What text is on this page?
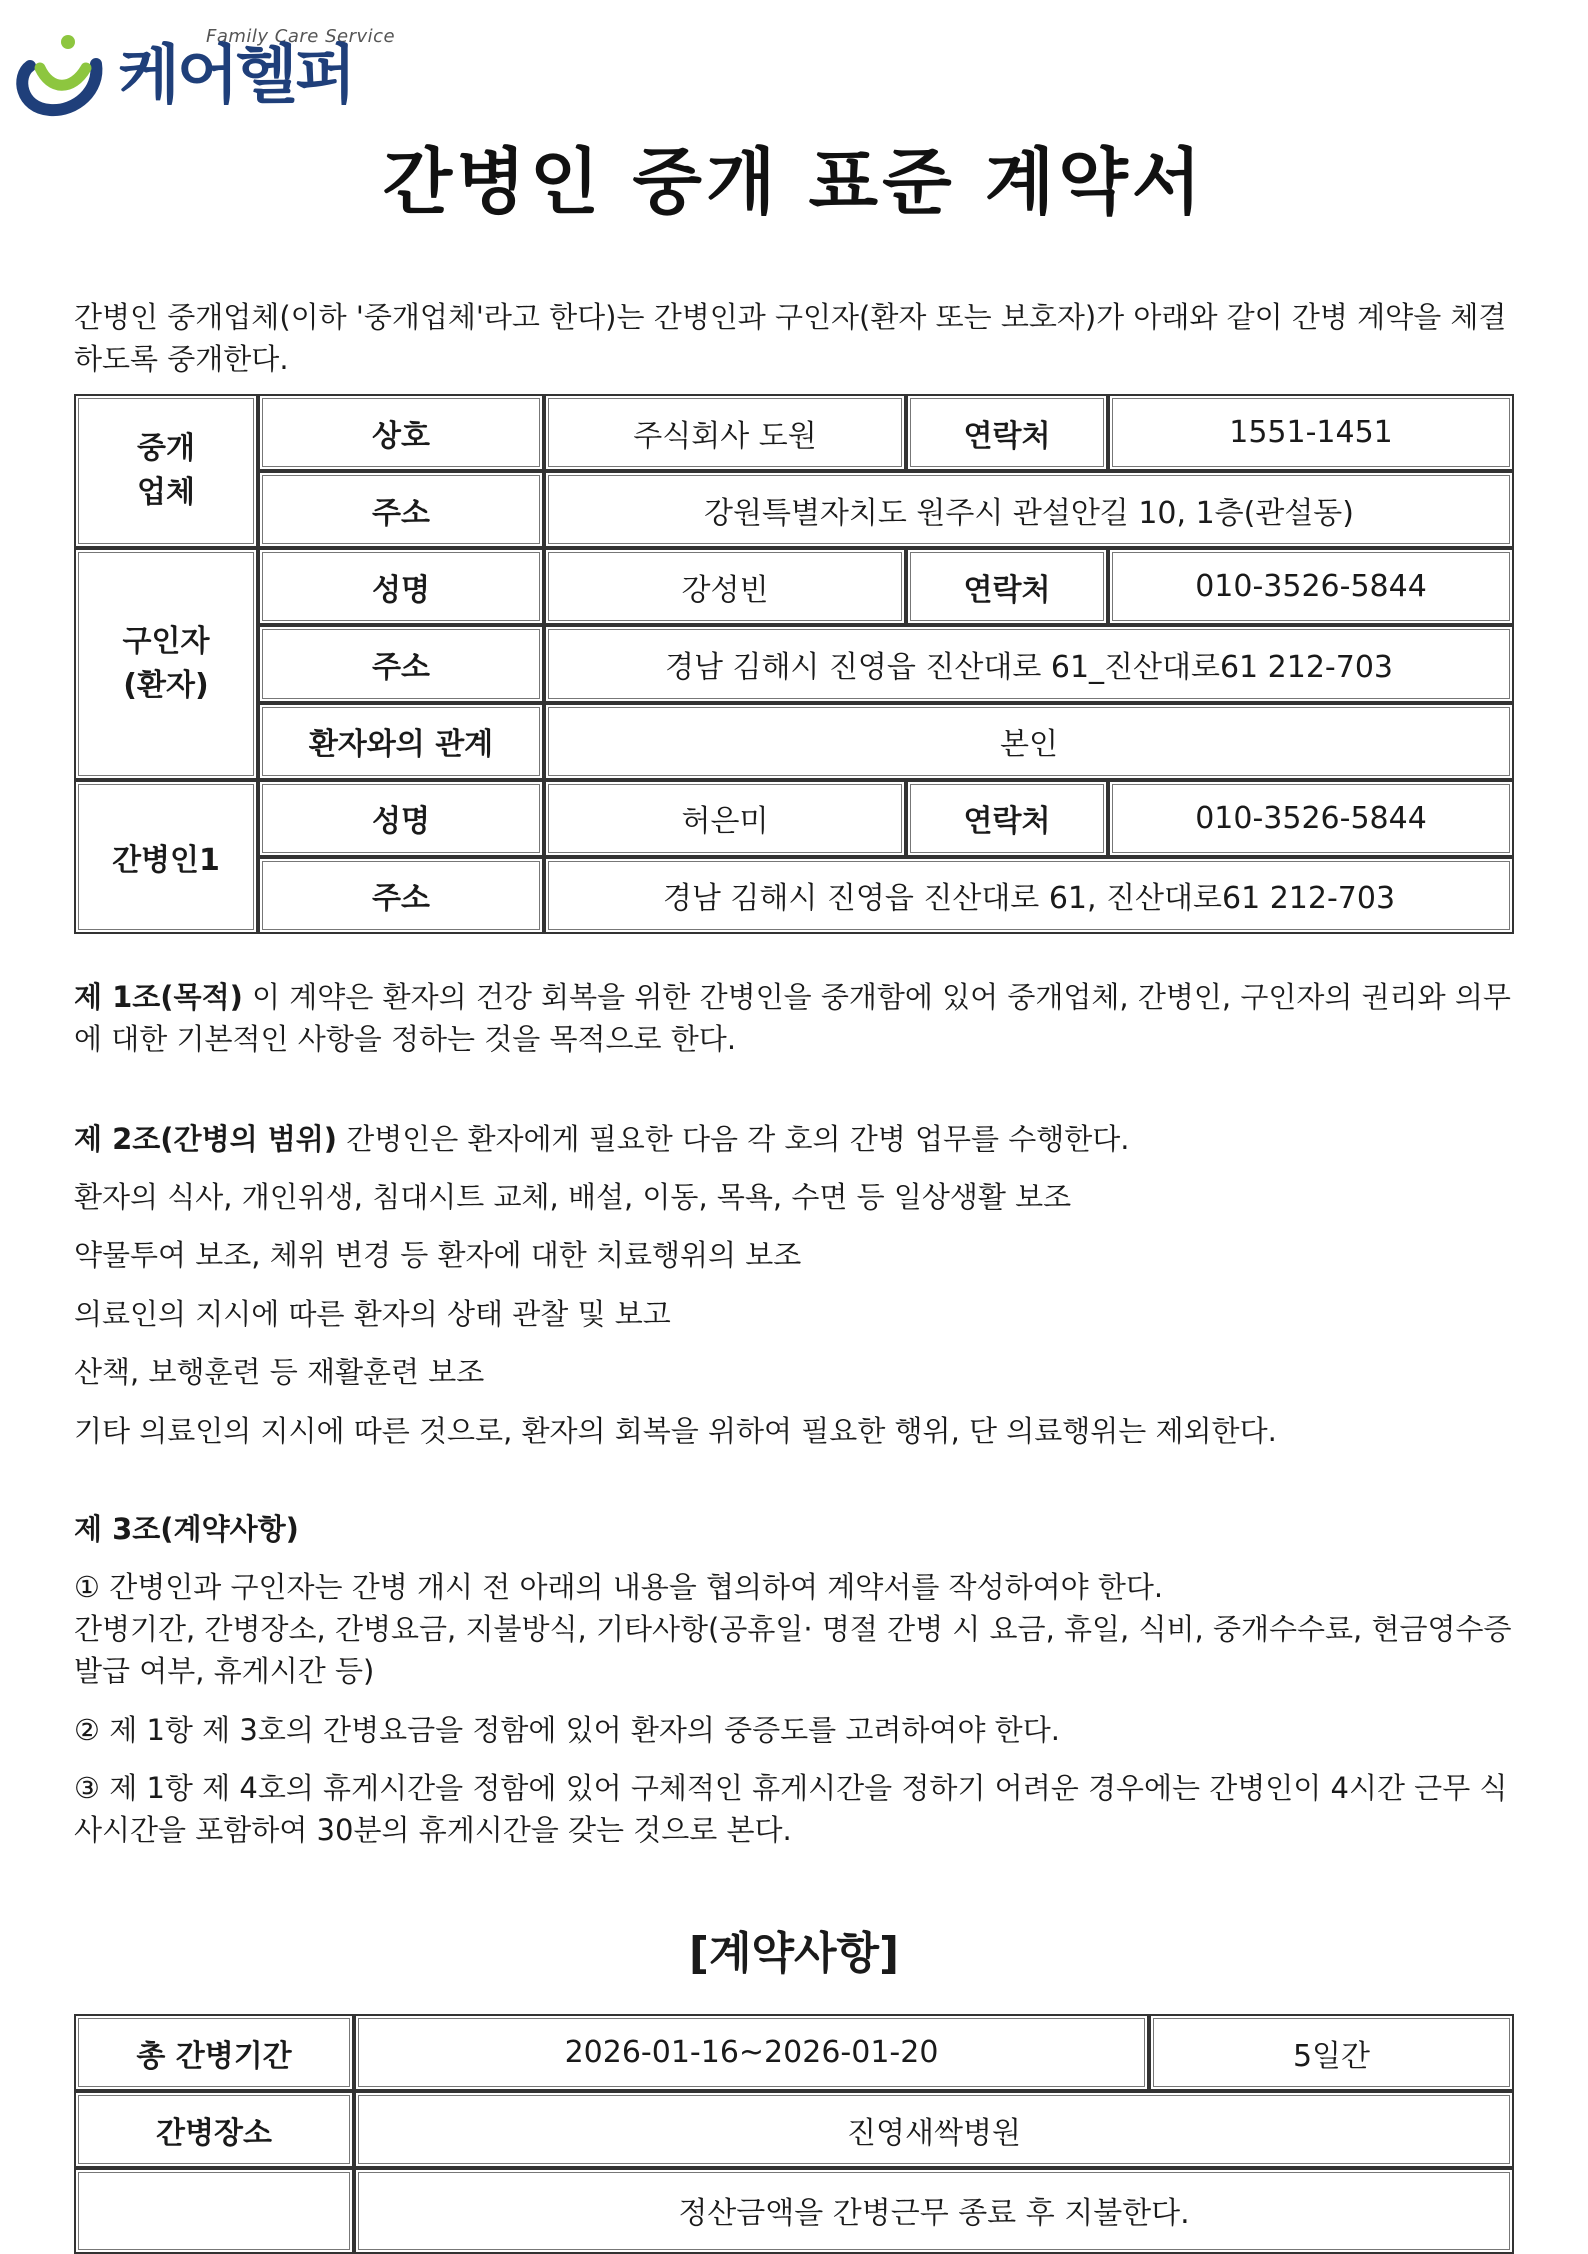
Family Care Service
케어헬퍼
간병인 중개 표준 계약서

간병인 중개업체(이하 '중개업체'라고 한다)는 간병인과 구인자(환자 또는 보호자)가 아래와 같이 간병 계약을 체결하도록 중개한다.

중개
업체	상호	주식회사 도원	연락처	1551-1451
	주소	강원특별자치도 원주시 관설안길 10, 1층(관설동)		
구인자
(환자)	성명	강성빈	연락처	010-3526-5844
	주소	경남 김해시 진영읍 진산대로 61_진산대로61 212-703		
	환자와의 관계	본인		
간병인1	성명	허은미	연락처	010-3526-5844
	주소	경남 김해시 진영읍 진산대로 61, 진산대로61 212-703		

제 1조(목적) 이 계약은 환자의 건강 회복을 위한 간병인을 중개함에 있어 중개업체, 간병인, 구인자의 권리와 의무에 대한 기본적인 사항을 정하는 것을 목적으로 한다.

제 2조(간병의 범위) 간병인은 환자에게 필요한 다음 각 호의 간병 업무를 수행한다.

환자의 식사, 개인위생, 침대시트 교체, 배설, 이동, 목욕, 수면 등 일상생활 보조

약물투여 보조, 체위 변경 등 환자에 대한 치료행위의 보조

의료인의 지시에 따른 환자의 상태 관찰 및 보고

산책, 보행훈련 등 재활훈련 보조

기타 의료인의 지시에 따른 것으로, 환자의 회복을 위하여 필요한 행위, 단 의료행위는 제외한다.

제 3조(계약사항)

① 간병인과 구인자는 간병 개시 전 아래의 내용을 협의하여 계약서를 작성하여야 한다.

간병기간, 간병장소, 간병요금, 지불방식, 기타사항(공휴일· 명절 간병 시 요금, 휴일, 식비, 중개수수료, 현금영수증 발급 여부, 휴게시간 등)

② 제 1항 제 3호의 간병요금을 정함에 있어 환자의 중증도를 고려하여야 한다.

③ 제 1항 제 4호의 휴게시간을 정함에 있어 구체적인 휴게시간을 정하기 어려운 경우에는 간병인이 4시간 근무 식사시간을 포함하여 30분의 휴게시간을 갖는 것으로 본다.

[계약사항]
총 간병기간	2026-01-16~2026-01-20	5일간
간병장소	진영새싹병원	
	정산금액을 간병근무 종료 후 지불한다.	
